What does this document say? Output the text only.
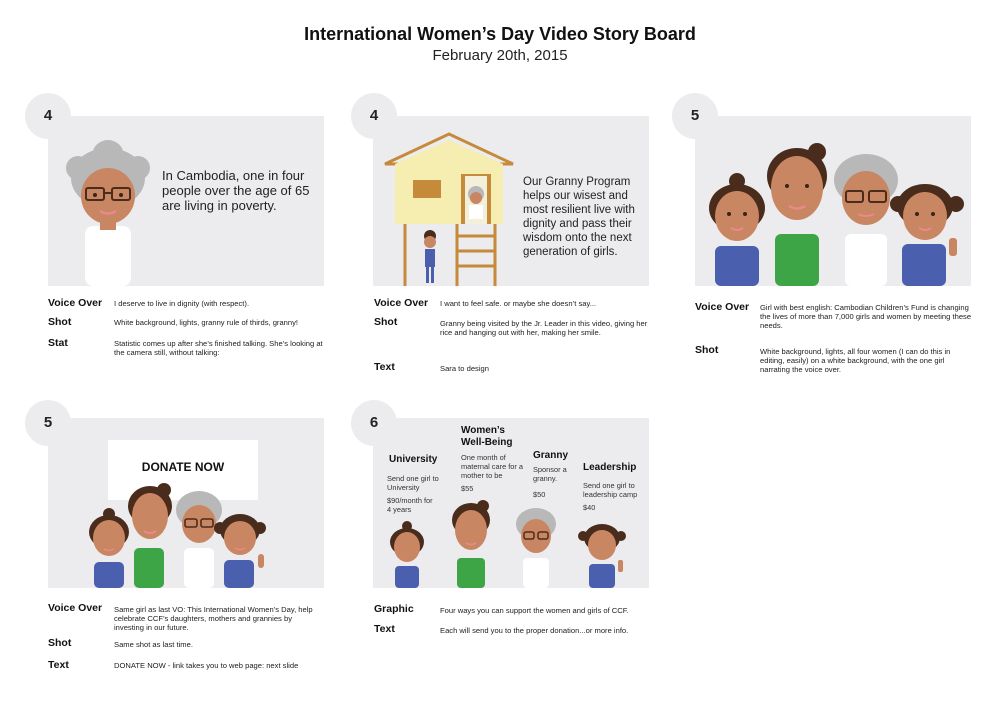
International Women’s Day Video Story Board
February 20th, 2015
In Cambodia, one in four people over the age of 65 are living in poverty.
4
Voice Over I deserve to live in dignity (with respect).
Shot	White background, lights, granny rule of thirds, granny!
Stat	Statistic comes up after she’s finished talking. She’s looking at the camera still, without talking:
Our Granny Program helps our wisest and most resilient live with dignity and pass their wisdom onto the next generation of girls.
4
Voice Over I want to feel safe. or maybe she doesn’t say...
Shot	Granny being visited by the Jr. Leader in this video, giving her rice and hanging out with her, making her smile.
Text	Sara to design
5
Voice Over Girl with best english: Cambodian Children’s Fund is changing the lives of more than 7,000 girls and women by meeting these needs.
Shot	White background, lights, all four women (I can do this in editing, easily) on a white background, with the one girl narrating the voice over.
DONATE NOW
5
Voice Over Same girl as last VO: This International Women’s Day, help celebrate CCF’s daughters, mothers and grannies by investing in our future.
Shot	Same shot as last time.
Text	DONATE NOW - link takes you to web page: next slide
University
Send one girl to University
$90/month for 4 years
Women’s Well-Being
One month of maternal care for a mother to be
$55
Granny
Sponsor a granny.
$50
Leadership
Send one girl to leadership camp
$40
6
Graphic	Four ways you can support the women and girls of CCF.
Text	Each will send you to the proper donation...or more info.
